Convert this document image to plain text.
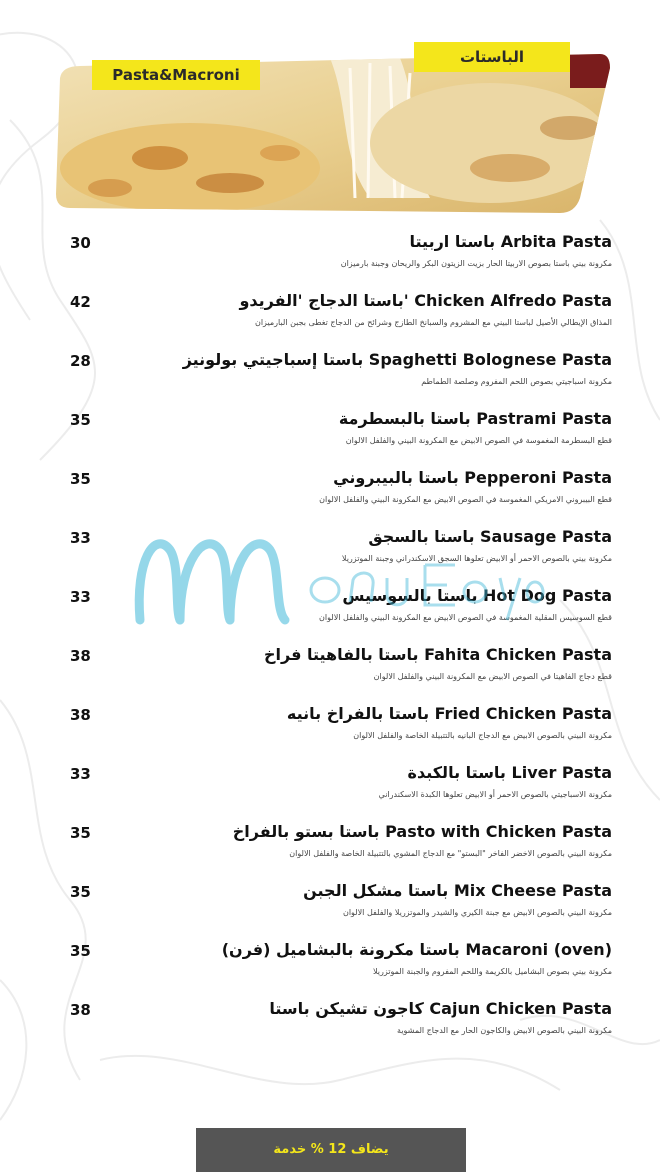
Pasta&Macroni
الباستات
باستا اربيتا Arbita Pasta
مكرونة بيني باستا بصوص الاربيتا الحار بزيت الزيتون البكر والريحان وجبنة بارميزان
30
باستا الدجاج 'الفريدو' Chicken Alfredo Pasta
المذاق الإيطالي الأصيل لباستا البيني مع المشروم والسبانخ الطازج وشرائح من الدجاج تغطى بجبن البارميزان
42
باستا إسباجيتي بولونيز Spaghetti Bolognese Pasta
مكرونة اسباجيتي بصوص اللحم المفروم وصلصة الطماطم
28
باستا بالبسطرمة Pastrami Pasta
قطع البسطرمة المغموسة في الصوص الابيض مع المكرونة البيني والفلفل الالوان
35
باستا بالبيبروني Pepperoni Pasta
قطع البيبروني الامريكي المغموسة في الصوص الابيض مع المكرونة البيني والفلفل الالوان
35
باستا بالسجق Sausage Pasta
مكرونة بيني بالصوص الاحمر أو الابيض تعلوها السجق الاسكندراني وجبنة الموتزريلا
33
باستا بالسوسيس Hot Dog Pasta
قطع السوسيس المقلية المغموسة في الصوص الابيض مع المكرونة البيني والفلفل الالوان
33
باستا بالفاهيتا فراخ Fahita Chicken Pasta
قطع دجاج الفاهيتا في الصوص الابيض مع المكرونة البيني والفلفل الالوان
38
باستا بالفراخ بانيه Fried Chicken Pasta
مكرونة البيني بالصوص الابيض مع الدجاج البانيه بالتتبيلة الخاصة والفلفل الالوان
38
باستا بالكبدة Liver Pasta
مكرونة الاسباجيتي بالصوص الاحمر أو الابيض تعلوها الكبدة الاسكندراني
33
باستا بستو بالفراخ Pasto with Chicken Pasta
مكرونة البيني بالصوص الاخضر الفاخر "البستو" مع الدجاج المشوي بالتتبيلة الخاصة والفلفل الالوان
35
باستا مشكل الجبن Mix Cheese Pasta
مكرونة البيني بالصوص الابيض مع جبنة الكيري والشيدر والموتزريلا والفلفل الالوان
35
باستا مكرونة بالبشاميل (فرن) Macaroni (oven)
مكرونة بيني بصوص البشاميل بالكريمة واللحم المفروم والجبنة الموتزريلا
35
كاجون تشيكن باستا Cajun Chicken Pasta
مكرونة البيني بالصوص الابيض والكاجون الحار مع الدجاج المشوية
38
يضاف 12 % خدمة
